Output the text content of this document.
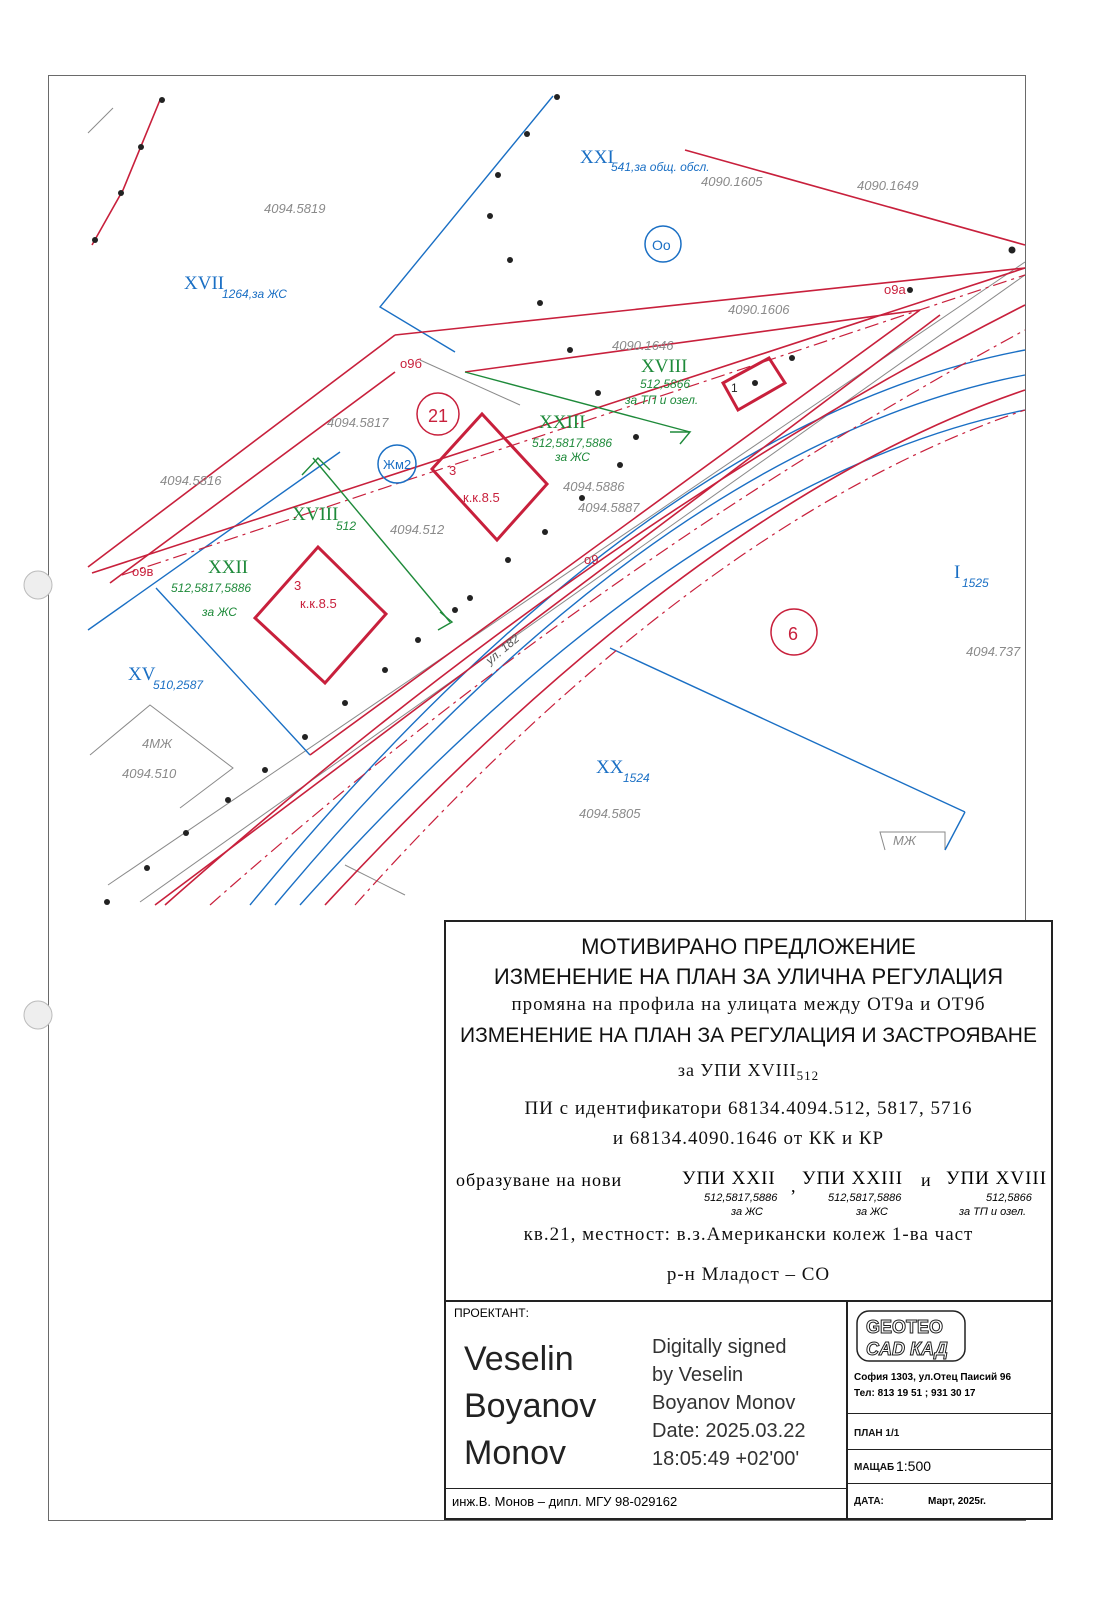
XXI
541,за общ. обсл.
XVII
1264,за ЖС
XV
510,2587
XX 1524
I 1525
XXII
512,5817,5886
за ЖС
XXIII
512,5817,5886
за ЖС
XVIII
512,5866
за ТП и озел.
XVIII
512
4090.1605	4090.1649
4094.5819
4090.1606
4090.1646
4094.5817
4094.5816	4094.5886
4094.5887
4094.512
4094.510
4094.737
4094.5805
4МЖ
МЖ
21
6
3
к.к.8.5
3
к.к.8.5
1
о9а
о9б
о9в
о9
Оо
Жм2
ул. 182
МОТИВИРАНО ПРЕДЛОЖЕНИЕ
ИЗМЕНЕНИЕ НА ПЛАН ЗА УЛИЧНА РЕГУЛАЦИЯ
промяна на профила на улицата между ОТ9а и ОТ9б
ИЗМЕНЕНИЕ НА ПЛАН ЗА РЕГУЛАЦИЯ И ЗАСТРОЯВАНЕ
за УПИ $XVIII_{512}$
ПИ с идентификатори 68134.4094.512, 5817, 5716
и 68134.4090.1646 от КК и КР
образуване на нови	УПИ XXII
512,5817,5886
за ЖС
, УПИ XXIII
512,5817,5886
за ЖС
и УПИ XVIII
512,5866
за ТП и озел.
кв.21, местност: в.з.Американски колеж 1-ва част
р-н Младост – СО
ПРОЕКТАНТ:
Veselin
Boyanov
Monov
Digitally signed
by Veselin
Boyanov Monov
Date: 2025.03.22
18:05:49 +02'00'
инж.В. Монов – дипл. МГУ 98-029162
GEOTEO
CAD КАД
София 1303, ул.Отец Паисий 96
Тел: 813 19 51 ; 931 30 17
ПЛАН 1/1
МАЩАБ 1:500
ДАТА:	Март, 2025г.
